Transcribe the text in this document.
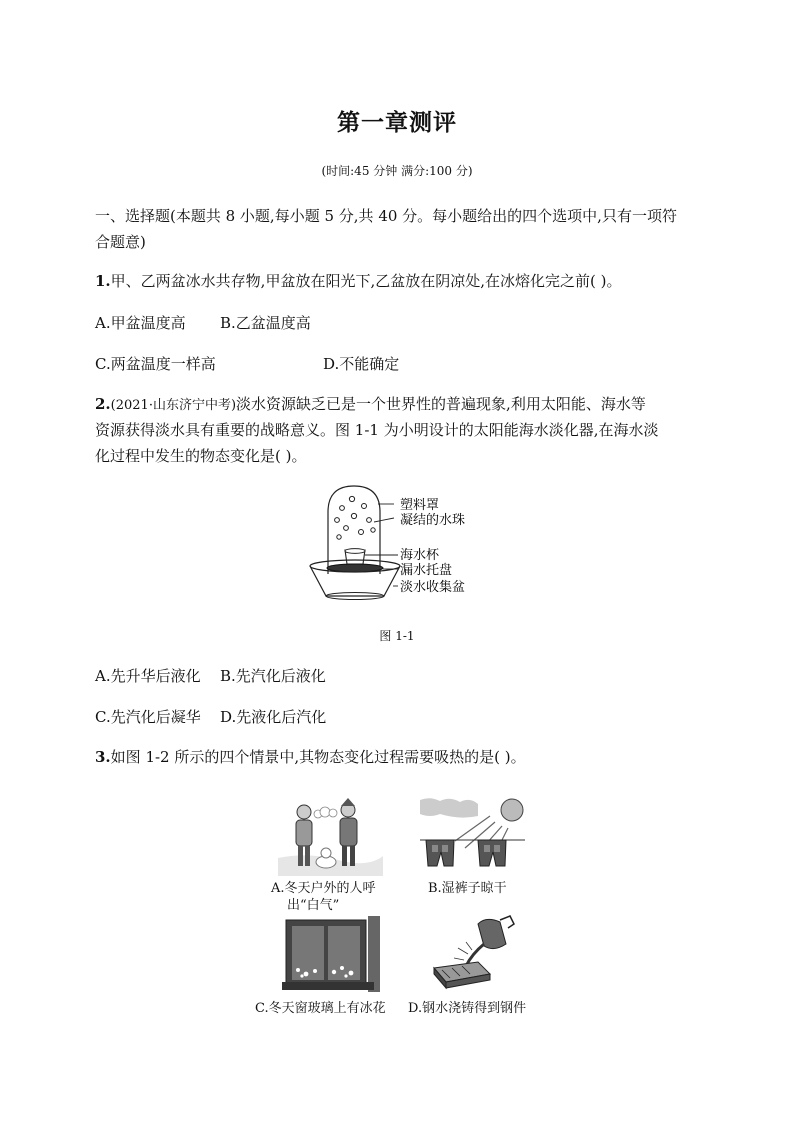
第一章测评
(时间:45 分钟 满分:100 分)
一、选择题(本题共 8 小题,每小题 5 分,共 40 分。每小题给出的四个选项中,只有一项符
合题意)
1.甲、乙两盆冰水共存物,甲盆放在阳光下,乙盆放在阴凉处,在冰熔化完之前( )。
A.甲盆温度高 B.乙盆温度高
C.两盆温度一样高	D.不能确定
2.(2021·山东济宁中考)淡水资源缺乏已是一个世界性的普遍现象,利用太阳能、海水等
资源获得淡水具有重要的战略意义。图 1-1 为小明设计的太阳能海水淡化器,在海水淡
化过程中发生的物态变化是( )。
塑料罩
凝结的水珠
海水杯
漏水托盘
淡水收集盆
图 1-1
A.先升华后液化 B.先汽化后液化
C.先汽化后凝华 D.先液化后汽化
3.如图 1-2 所示的四个情景中,其物态变化过程需要吸热的是( )。
A.冬天户外的人呼
出“白气”
B.湿裤子晾干
C.冬天窗玻璃上有冰花 D.钢水浇铸得到钢件
